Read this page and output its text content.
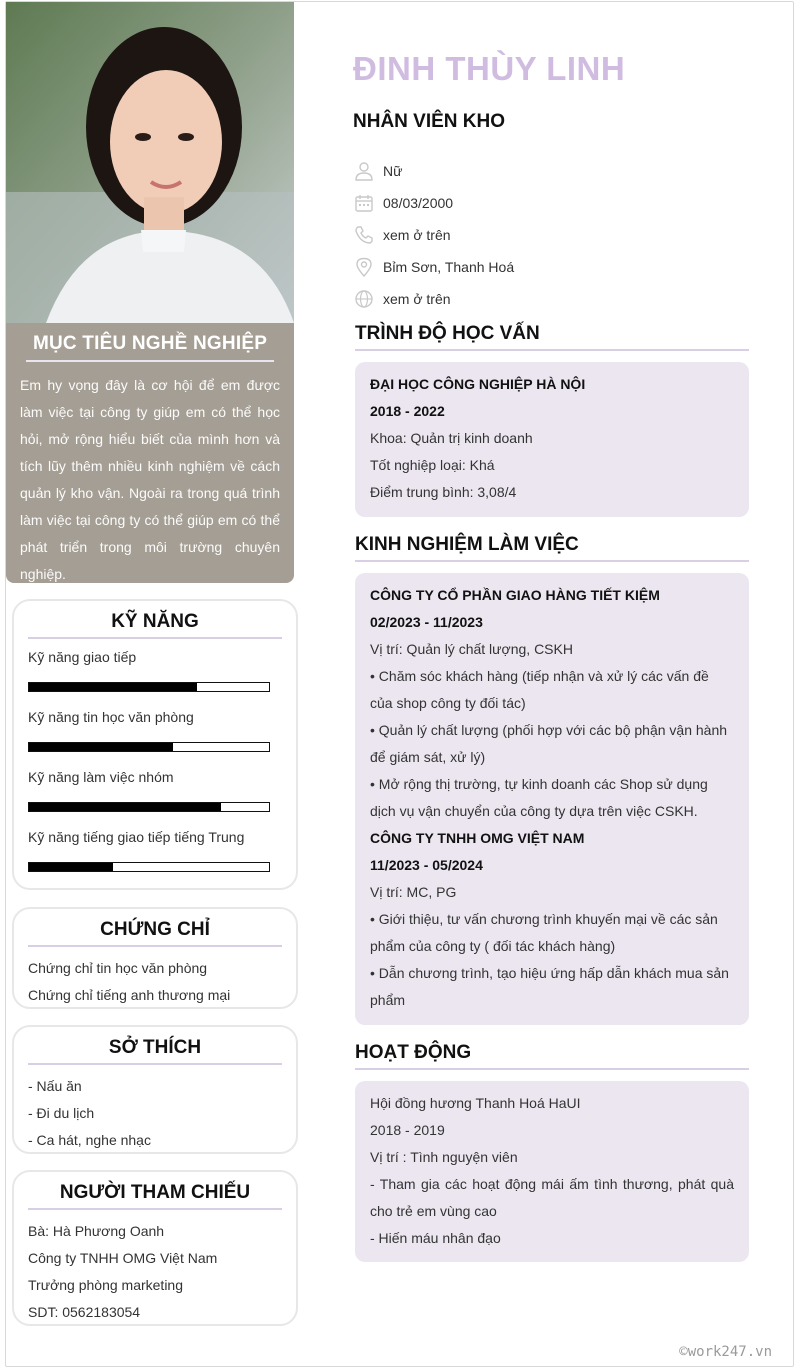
MỤC TIÊU NGHỀ NGHIỆP

Em hy vọng đây là cơ hội để em được làm việc tại công ty giúp em có thể học hỏi, mở rộng hiểu biết của mình hơn và tích lũy thêm nhiều kinh nghiệm về cách quản lý kho vận. Ngoài ra trong quá trình làm việc tại công ty có thể giúp em có thể phát triển trong môi trường chuyên nghiệp.

KỸ NĂNG
Kỹ năng giao tiếp
Kỹ năng tin học văn phòng
Kỹ năng làm việc nhóm
Kỹ năng tiếng giao tiếp tiếng Trung
CHỨNG CHỈ
Chứng chỉ tin học văn phòng
Chứng chỉ tiếng anh thương mại
SỞ THÍCH
- Nấu ăn
- Đi du lịch
- Ca hát, nghe nhạc
NGƯỜI THAM CHIẾU
Bà: Hà Phương Oanh
Công ty TNHH OMG Việt Nam
Trưởng phòng marketing
SDT: 0562183054
ĐINH THÙY LINH
NHÂN VIÊN KHO
Nữ
08/03/2000
xem ở trên
Bỉm Sơn, Thanh Hoá
xem ở trên
TRÌNH ĐỘ HỌC VẤN
ĐẠI HỌC CÔNG NGHIỆP HÀ NỘI
2018 - 2022
Khoa: Quản trị kinh doanh
Tốt nghiệp loại: Khá
Điểm trung bình: 3,08/4
KINH NGHIỆM LÀM VIỆC
CÔNG TY CỔ PHẦN GIAO HÀNG TIẾT KIỆM
02/2023 - 11/2023
Vị trí: Quản lý chất lượng, CSKH
• Chăm sóc khách hàng (tiếp nhận và xử lý các vấn đề của shop công ty đối tác)
• Quản lý chất lượng (phối hợp với các bộ phận vận hành để giám sát, xử lý)
• Mở rộng thị trường, tự kinh doanh các Shop sử dụng dịch vụ vận chuyển của công ty dựa trên việc CSKH.
CÔNG TY TNHH OMG VIỆT NAM
11/2023 - 05/2024
Vị trí: MC, PG
• Giới thiệu, tư vấn chương trình khuyến mại về các sản phẩm của công ty ( đối tác khách hàng)
• Dẫn chương trình, tạo hiệu ứng hấp dẫn khách mua sản phẩm
HOẠT ĐỘNG
Hội đồng hương Thanh Hoá HaUI
2018 - 2019
Vị trí : Tình nguyện viên
- Tham gia các hoạt động mái ấm tình thương, phát quà cho trẻ em vùng cao
- Hiến máu nhân đạo
©work247.vn
